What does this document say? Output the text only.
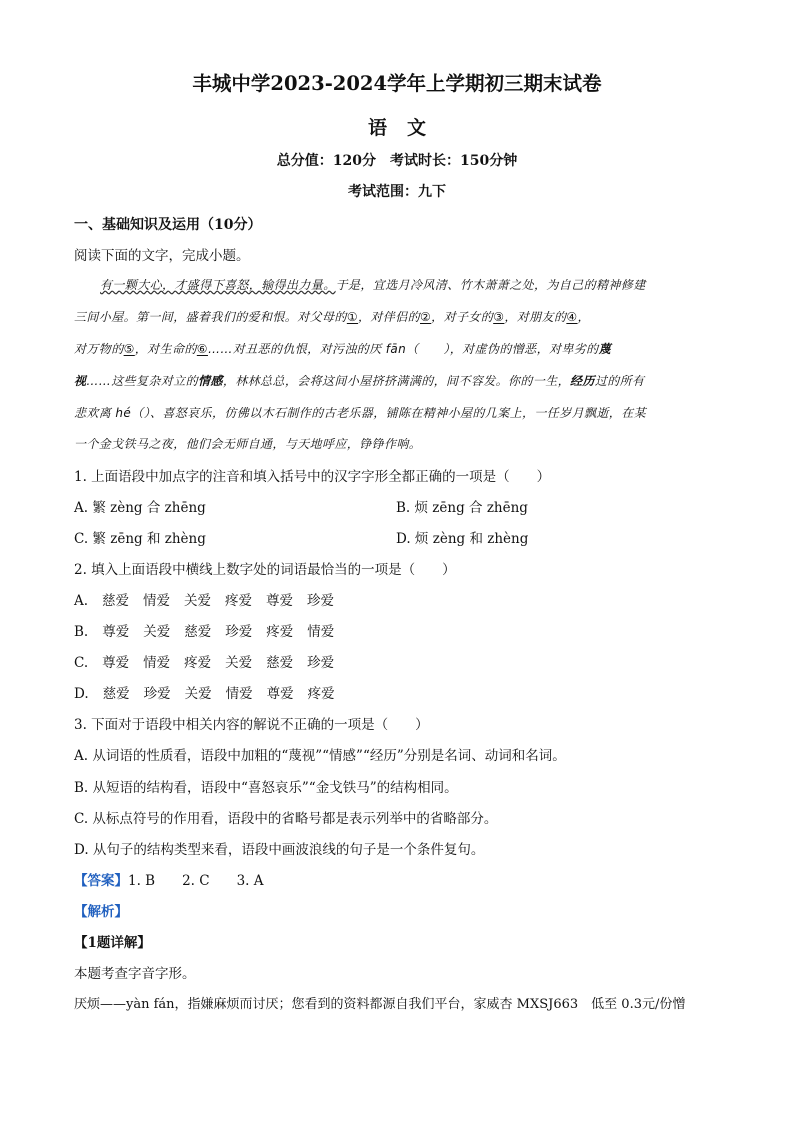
丰城中学2023-2024学年上学期初三期末试卷
语文
总分值：120分　考试时长：150分钟
考试范围：九下
一、基础知识及运用（10分）
阅读下面的文字，完成小题。
有一颗大心，才盛得下喜怒，输得出力量。于是，宜选月冷风清、竹木萧萧之处，为自己的精神修建
三间小屋。第一间，盛着我们的爱和恨。对父母的①，对伴侣的②，对子女的③，对朋友的④，
对万物的⑤，对生命的⑥……对丑恶的仇恨，对污浊的厌 fān（　　），对虚伪的憎恶，对卑劣的蔑
视……这些复杂对立的情感，林林总总，会将这间小屋挤挤满满的，间不容发。你的一生，经历过的所有
悲欢离 hé（）、喜怒哀乐，仿佛以木石制作的古老乐器，铺陈在精神小屋的几案上，一任岁月飘逝，在某
一个金戈铁马之夜，他们会无师自通，与天地呼应，铮铮作响。
1. 上面语段中加点字的注音和填入括号中的汉字字形全都正确的一项是（　　）
A. 繁 zèng 合 zhēng	B. 烦 zēng 合 zhēng
C. 繁 zēng 和 zhèng	D. 烦 zèng 和 zhèng
2. 填入上面语段中横线上数字处的词语最恰当的一项是（　　）
A. 慈爱 情爱 关爱 疼爱 尊爱 珍爱
B. 尊爱 关爱 慈爱 珍爱 疼爱 情爱
C. 尊爱 情爱 疼爱 关爱 慈爱 珍爱
D. 慈爱 珍爱 关爱 情爱 尊爱 疼爱
3. 下面对于语段中相关内容的解说不正确的一项是（　　）
A. 从词语的性质看，语段中加粗的“蔑视”“情感”“经历”分别是名词、动词和名词。
B. 从短语的结构看，语段中“喜怒哀乐”“金戈铁马”的结构相同。
C. 从标点符号的作用看，语段中的省略号都是表示列举中的省略部分。
D. 从句子的结构类型来看，语段中画波浪线的句子是一个条件复句。
【答案】1. B　　2. C　　3. A
【解析】
【1题详解】
本题考查字音字形。
厌烦——yàn fán，指嫌麻烦而讨厌；您看到的资料都源自我们平台，家威杏 MXSJ663　低至 0.3元/份憎
